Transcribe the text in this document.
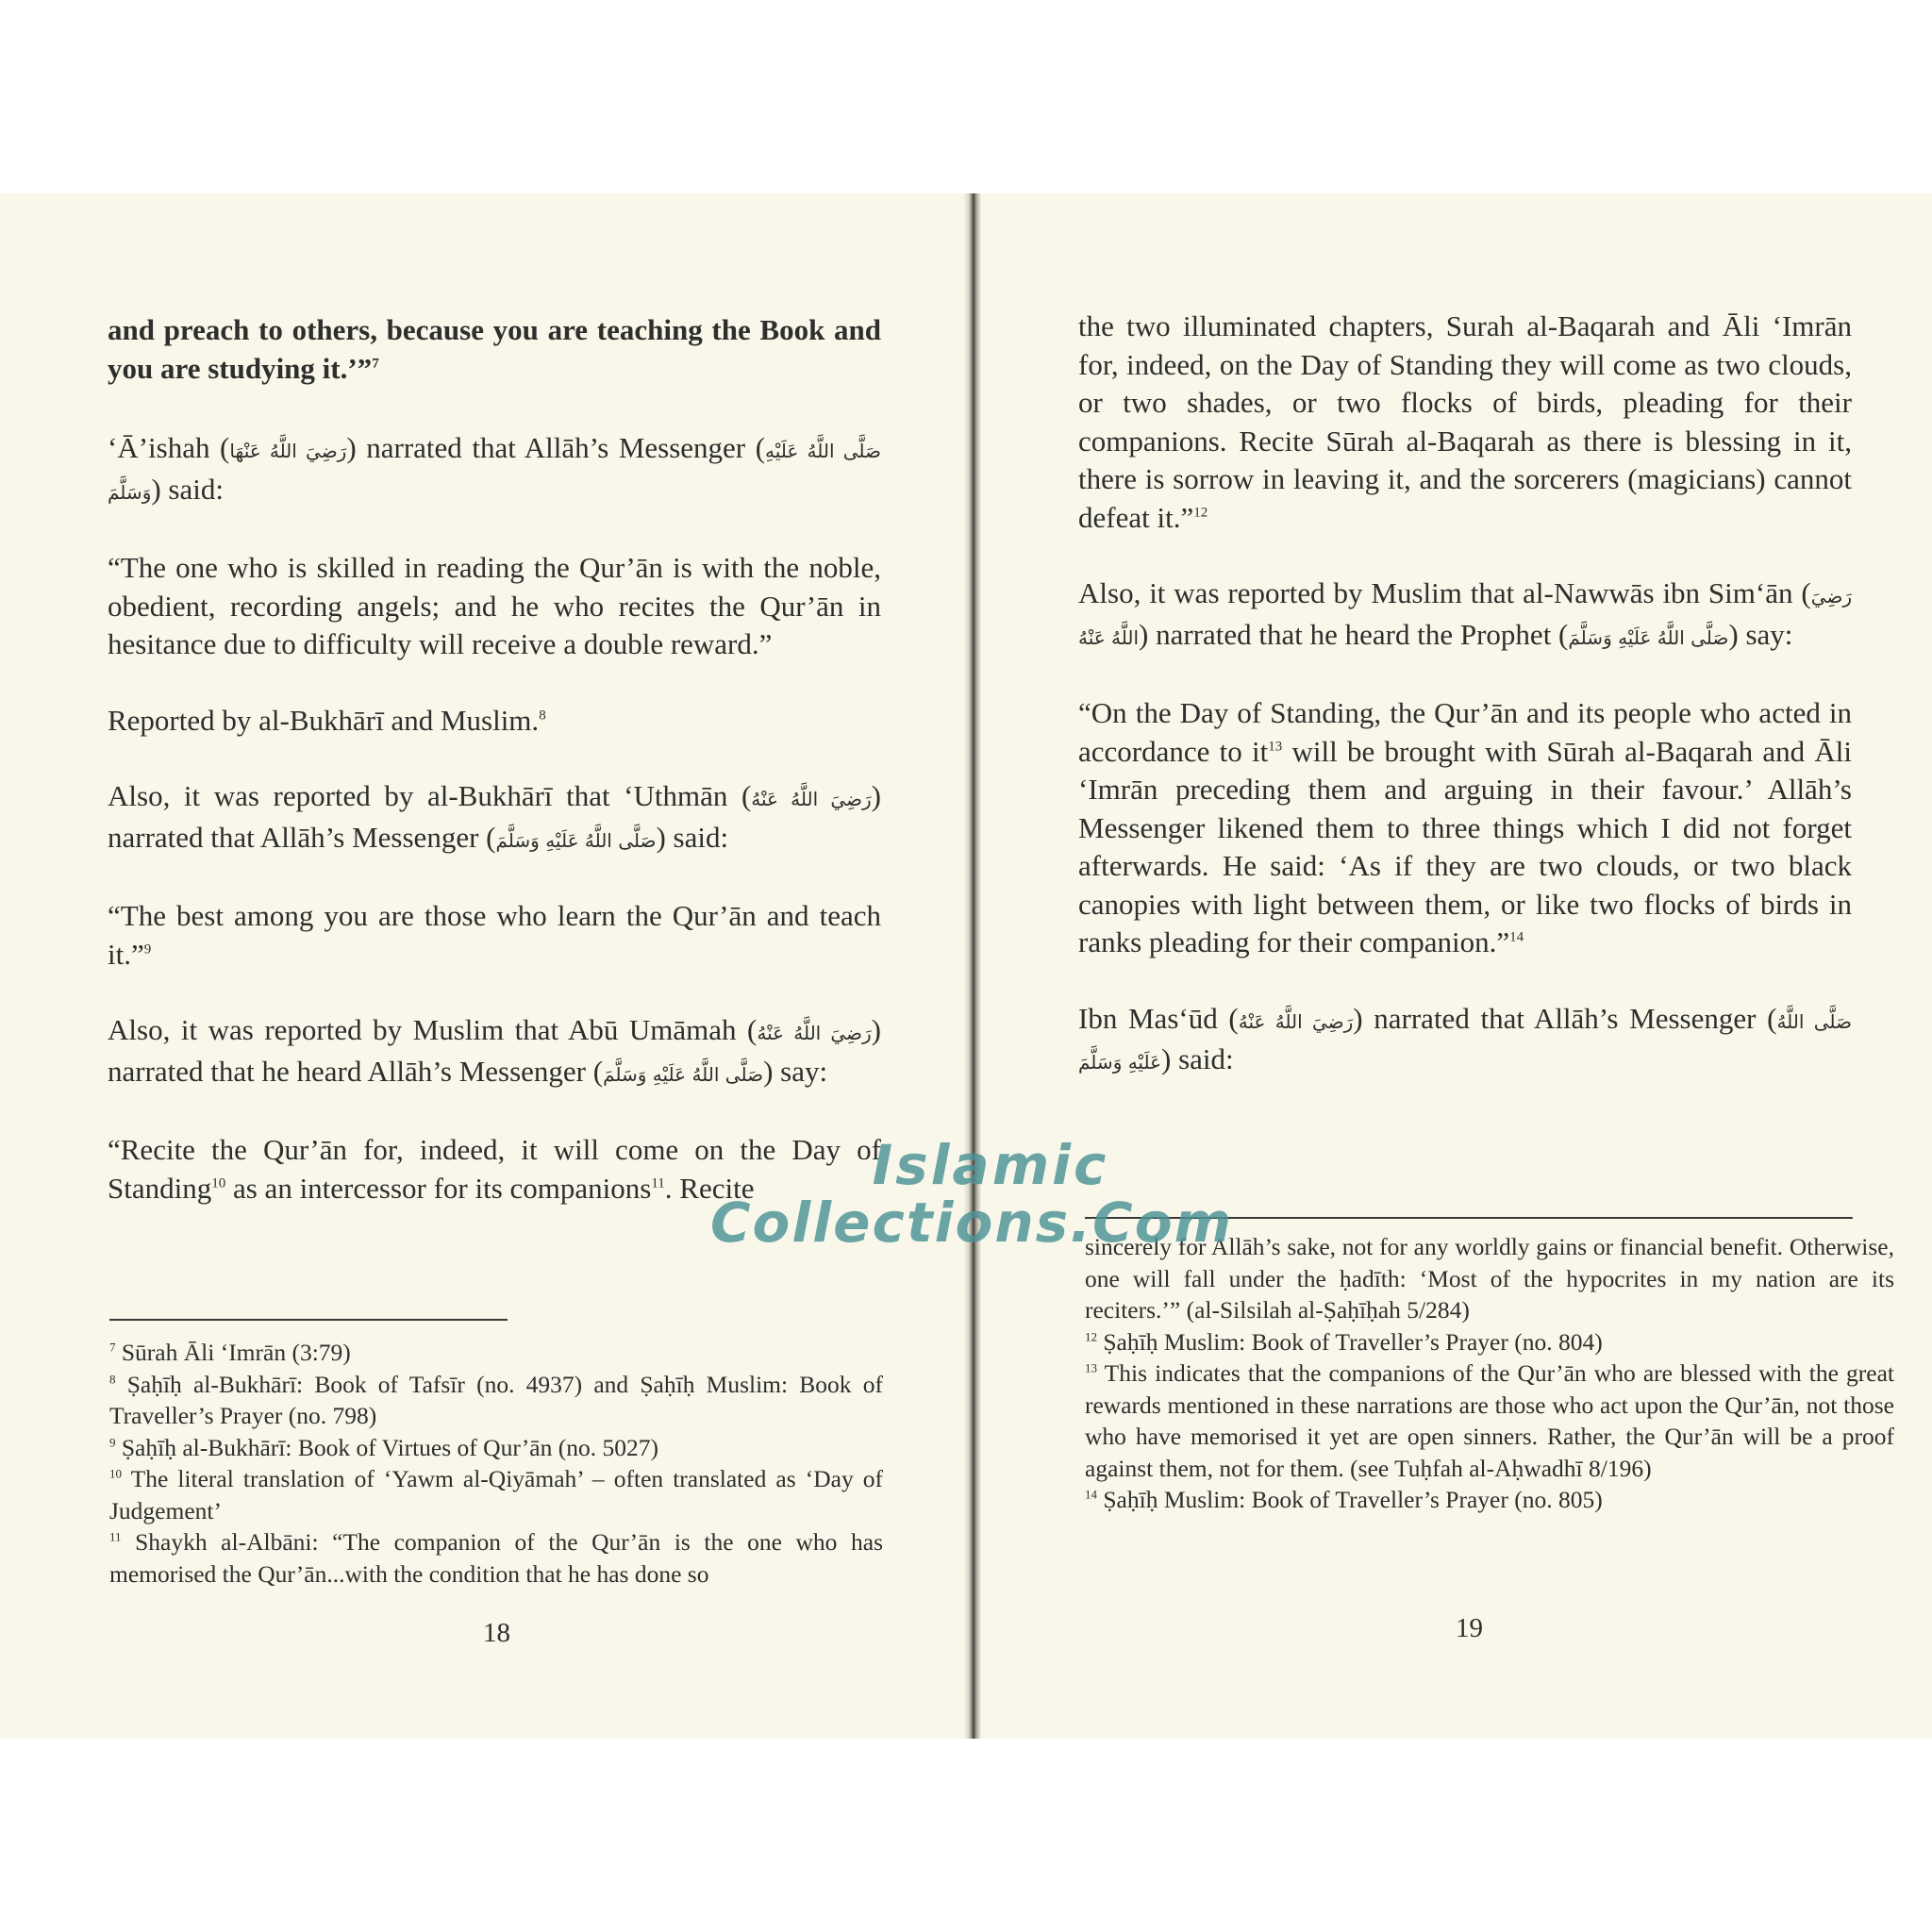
and preach to others, because you are teaching the Book and you are studying it.’”$^7$

‘Ā’ishah (رَضِيَ اللَّهُ عَنْهَا) narrated that Allāh’s Messenger (صَلَّى اللَّهُ عَلَيْهِ وَسَلَّمَ) said:

“The one who is skilled in reading the Qur’ān is with the noble, obedient, recording angels; and he who recites the Qur’ān in hesitance due to difficulty will receive a double reward.”

Reported by al-Bukhārī and Muslim.$^8$

Also, it was reported by al-Bukhārī that ‘Uthmān (رَضِيَ اللَّهُ عَنْهُ) narrated that Allāh’s Messenger (صَلَّى اللَّهُ عَلَيْهِ وَسَلَّمَ) said:

“The best among you are those who learn the Qur’ān and teach it.”$^9$

Also, it was reported by Muslim that Abū Umāmah (رَضِيَ اللَّهُ عَنْهُ) narrated that he heard Allāh’s Messenger (صَلَّى اللَّهُ عَلَيْهِ وَسَلَّمَ) say:

“Recite the Qur’ān for, indeed, it will come on the Day of Standing$^{10}$ as an intercessor for its companions$^{11}$. Recite

$^7$ Sūrah Āli ‘Imrān (3:79)
$^8$ Ṣaḥīḥ al-Bukhārī: Book of Tafsīr (no. 4937) and Ṣaḥīḥ Muslim: Book of Traveller’s Prayer (no. 798)
$^9$ Ṣaḥīḥ al-Bukhārī: Book of Virtues of Qur’ān (no. 5027)
$^{10}$ The literal translation of ‘Yawm al-Qiyāmah’ – often translated as ‘Day of Judgement’
$^{11}$ Shaykh al-Albāni: “The companion of the Qur’ān is the one who has memorised the Qur’ān...with the condition that he has done so
18

the two illuminated chapters, Surah al-Baqarah and Āli ‘Imrān for, indeed, on the Day of Standing they will come as two clouds, or two shades, or two flocks of birds, pleading for their companions. Recite Sūrah al-Baqarah as there is blessing in it, there is sorrow in leaving it, and the sorcerers (magicians) cannot defeat it.”$^{12}$

Also, it was reported by Muslim that al-Nawwās ibn Sim‘ān (رَضِيَ اللَّهُ عَنْهُ) narrated that he heard the Prophet (صَلَّى اللَّهُ عَلَيْهِ وَسَلَّمَ) say:

“On the Day of Standing, the Qur’ān and its people who acted in accordance to $it^{13}$ will be brought with Sūrah al-Baqarah and Āli ‘Imrān preceding them and arguing in their favour.’ Allāh’s Messenger likened them to three things which I did not forget afterwards. He said: ‘As if they are two clouds, or two black canopies with light between them, or like two flocks of birds in ranks pleading for their companion.”$^{14}$

Ibn Mas‘ūd (رَضِيَ اللَّهُ عَنْهُ) narrated that Allāh’s Messenger (صَلَّى اللَّهُ عَلَيْهِ وَسَلَّمَ) said:

sincerely for Allāh’s sake, not for any worldly gains or financial benefit. Otherwise, one will fall under the ḥadīth: ‘Most of the hypocrites in my nation are its reciters.’” (al-Silsilah al-Ṣaḥīḥah 5/284)
$^{12}$ Ṣaḥīḥ Muslim: Book of Traveller’s Prayer (no. 804)
$^{13}$ This indicates that the companions of the Qur’ān who are blessed with the great rewards mentioned in these narrations are those who act upon the Qur’ān, not those who have memorised it yet are open sinners. Rather, the Qur’ān will be a proof against them, not for them. (see Tuḥfah al-Aḥwadhī 8/196)
$^{14}$ Ṣaḥīḥ Muslim: Book of Traveller’s Prayer (no. 805)
19
Islamic
Collections.Com
